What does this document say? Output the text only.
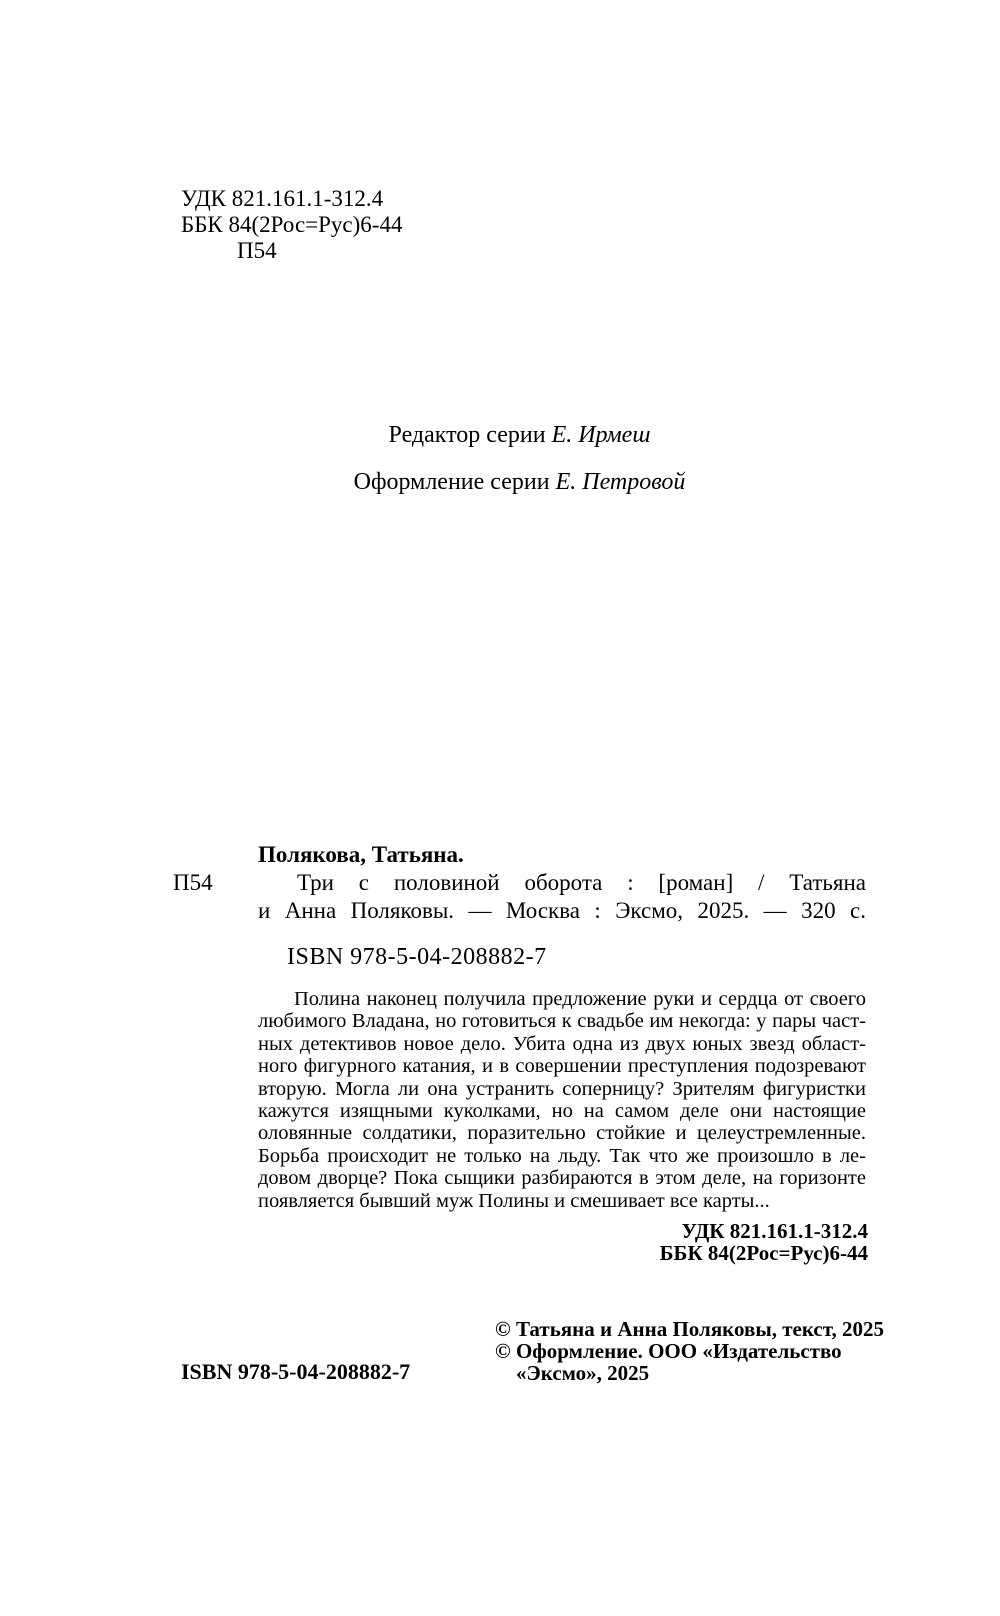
УДК 821.161.1-312.4
ББК 84(2Рос=Рус)6-44
П54
Редактор серии Е. Ирмеш
Оформление серии Е. Петровой
П54
Полякова, Татьяна.
Три с половиной оборота : [роман] / Татьяна
и Анна Поляковы. — Москва : Эксмо, 2025. — 320 с.
ISBN 978-5-04-208882-7
Полина наконец получила предложение руки и сердца от своего
любимого Владана, но готовиться к свадьбе им некогда: у пары част-
ных детективов новое дело. Убита одна из двух юных звезд област-
ного фигурного катания, и в совершении преступления подозревают
вторую. Могла ли она устранить соперницу? Зрителям фигуристки
кажутся изящными куколками, но на самом деле они настоящие
оловянные солдатики, поразительно стойкие и целеустремленные.
Борьба происходит не только на льду. Так что же произошло в ле-
довом дворце? Пока сыщики разбираются в этом деле, на горизонте
появляется бывший муж Полины и смешивает все карты...
УДК 821.161.1-312.4
ББК 84(2Рос=Рус)6-44
ISBN 978-5-04-208882-7
© Татьяна и Анна Поляковы, текст, 2025
© Оформление. ООО «Издательство
«Эксмо», 2025
